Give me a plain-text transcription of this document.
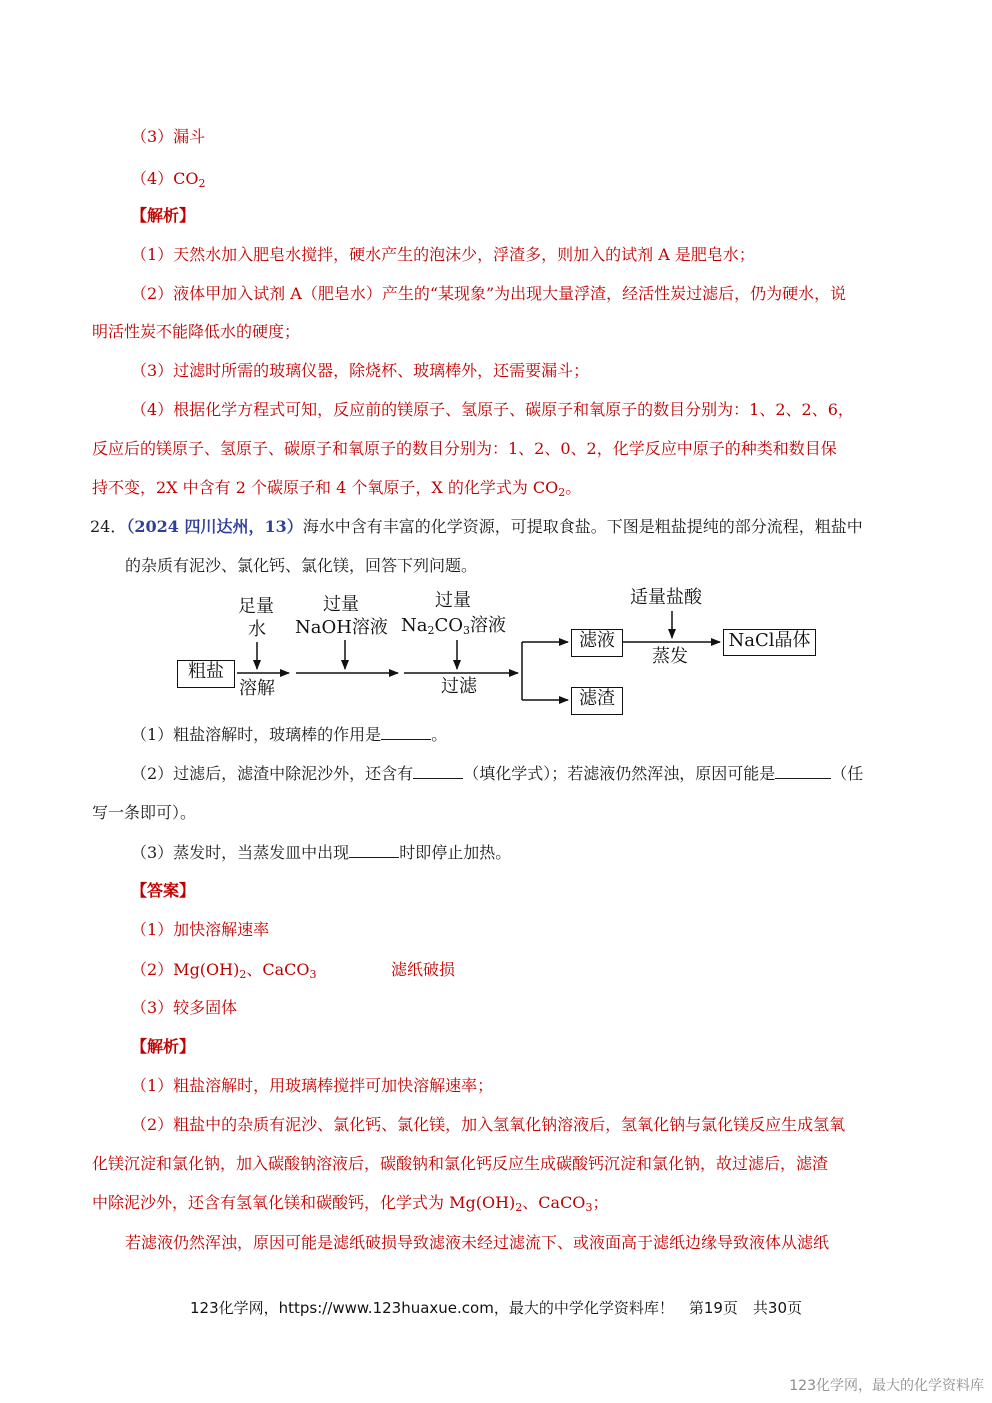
（3）漏斗
$(4)CO_2$
【解析】
（1）天然水加入肥皂水搅拌，硬水产生的泡沫少，浮渣多，则加入的试剂 A 是肥皂水；
（2）液体甲加入试剂 A（肥皂水）产生的“某现象”为出现大量浮渣，经活性炭过滤后，仍为硬水，说
明活性炭不能降低水的硬度；
（3）过滤时所需的玻璃仪器，除烧杯、玻璃棒外，还需要漏斗；
（4）根据化学方程式可知，反应前的镁原子、氢原子、碳原子和氧原子的数目分别为：1、2、2、6，
反应后的镁原子、氢原子、碳原子和氧原子的数目分别为：1、2、0、2，化学反应中原子的种类和数目保
持不变，2X 中含有 2 个碳原子和 4 个氧原子，X 的化学式为 $CO_2$。
24．（2024 四川达州，13）海水中含有丰富的化学资源，可提取食盐。下图是粗盐提纯的部分流程，粗盐中
的杂质有泥沙、氯化钙、氯化镁，回答下列问题。
粗盐
足量
水
溶解
过量
NaOH溶液
过量
$Na_2CO_3$溶液
过滤
滤液
滤渣
适量盐酸
蒸发
NaCl晶体
（1）粗盐溶解时，玻璃棒的作用是	。
（2）过滤后，滤渣中除泥沙外，还含有	（填化学式）；若滤液仍然浑浊，原因可能是	（任
写一条即可）。
（3）蒸发时，当蒸发皿中出现	时即停止加热。
【答案】
（1）加快溶解速率
$(2)Mg(OH)_2$、CaCO$_3$	滤纸破损
（3）较多固体
【解析】
（1）粗盐溶解时，用玻璃棒搅拌可加快溶解速率；
（2）粗盐中的杂质有泥沙、氯化钙、氯化镁，加入氢氧化钠溶液后，氢氧化钠与氯化镁反应生成氢氧
化镁沉淀和氯化钠，加入碳酸钠溶液后，碳酸钠和氯化钙反应生成碳酸钙沉淀和氯化钠，故过滤后，滤渣
中除泥沙外，还含有氢氧化镁和碳酸钙，化学式为 $Mg(OH)_2$、CaCO$_3$；
若滤液仍然浑浊，原因可能是滤纸破损导致滤液未经过滤流下、或液面高于滤纸边缘导致液体从滤纸
123化学网，https://www.123huaxue.com，最大的中学化学资料库！　第19页　共30页
123化学网，最大的化学资料库
